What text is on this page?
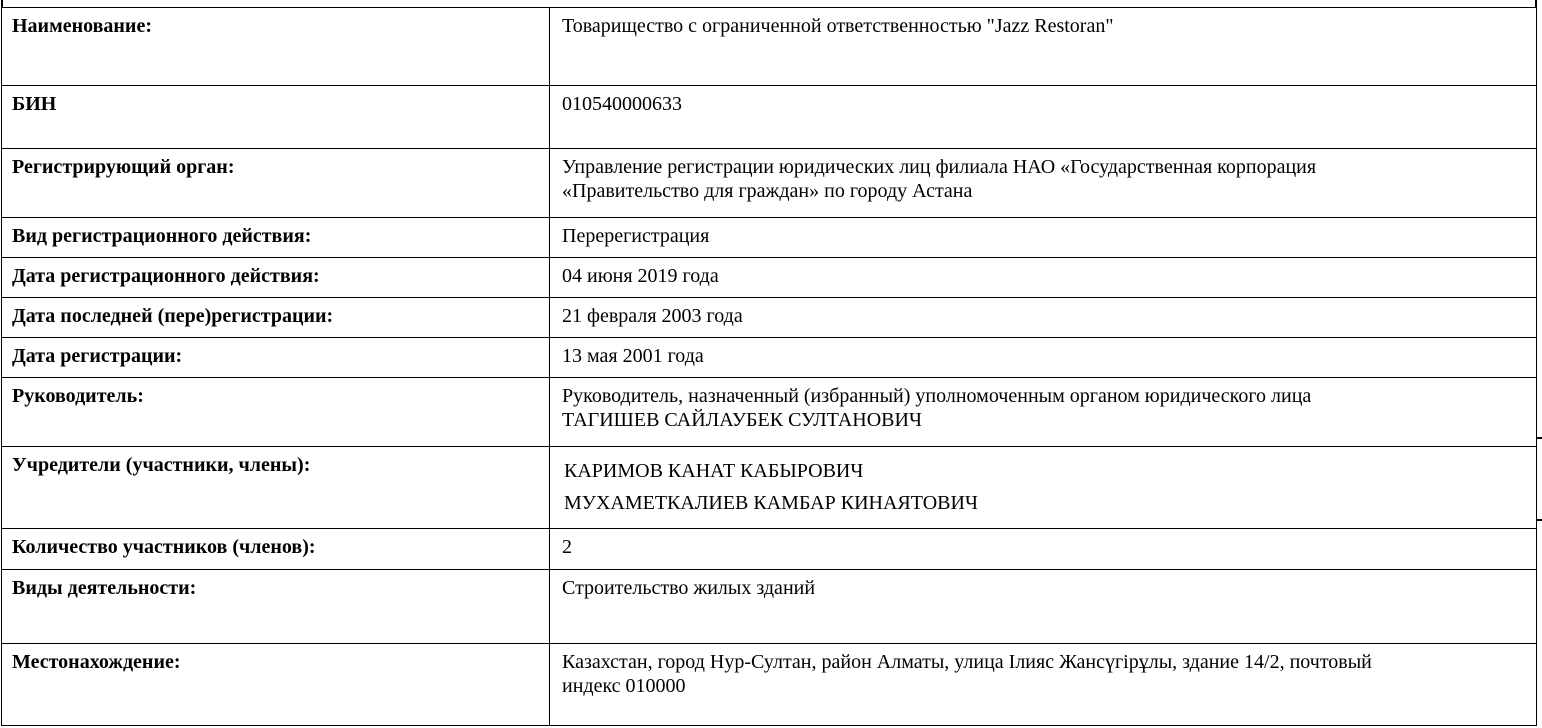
Наименование:	Товарищество с ограниченной ответственностью "Jazz Restoran"
БИН	010540000633
Регистрирующий орган:	Управление регистрации юридических лиц филиала НАО «Государственная корпорация
«Правительство для граждан» по городу Астана

Вид регистрационного действия:	Перерегистрация
Дата регистрационного действия:	04 июня 2019 года
Дата последней (пере)регистрации:	21 февраля 2003 года
Дата регистрации:	13 мая 2001 года
Руководитель:	Руководитель, назначенный (избранный) уполномоченным органом юридического лица
ТАГИШЕВ САЙЛАУБЕК СУЛТАНОВИЧ

Учредители (участники, члены):	КАРИМОВ КАНАТ КАБЫРОВИЧ
МУХАМЕТКАЛИЕВ КАМБАР КИНАЯТОВИЧ

Количество участников (членов):	2
Виды деятельности:	Строительство жилых зданий
Местонахождение:	Казахстан, город Нур-Султан, район Алматы, улица Ілияс Жансүгірұлы, здание 14/2, почтовый
индекс 010000
